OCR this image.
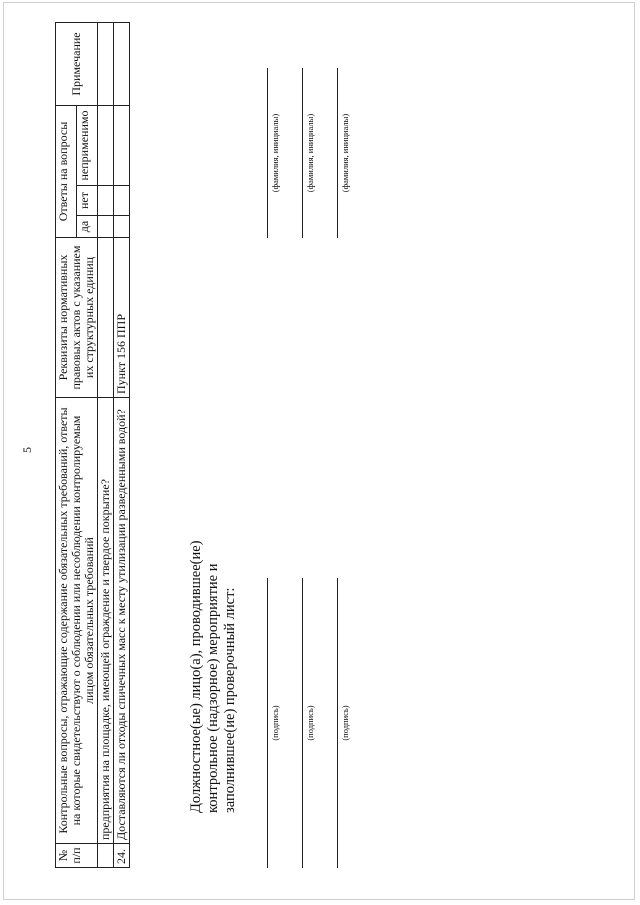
5
№ п/п	Контрольные вопросы, отражающие содержание обязательных требований, ответы на которые свидетельствуют о соблюдении или несоблюдении контролируемым лицом обязательных требований	Реквизиты нормативных правовых актов с указанием их структурных единиц	Ответы на вопросы			Примечание
			да	нет	неприменимо	
	предприятия на площадке, имеющей ограждение и твердое покрытие?					
24.	Доставляются ли отходы спичечных масс к месту утилизации разведенными водой?	Пункт 156 ППР				
Должностное(ые) лицо(а), проводившее(ие) контрольное (надзорное) мероприятие и заполнившее(ие) проверочный лист:	(подпись)
(фамилия, инициалы)
(подпись)
(фамилия, инициалы)
(подпись)
(фамилия, инициалы)
